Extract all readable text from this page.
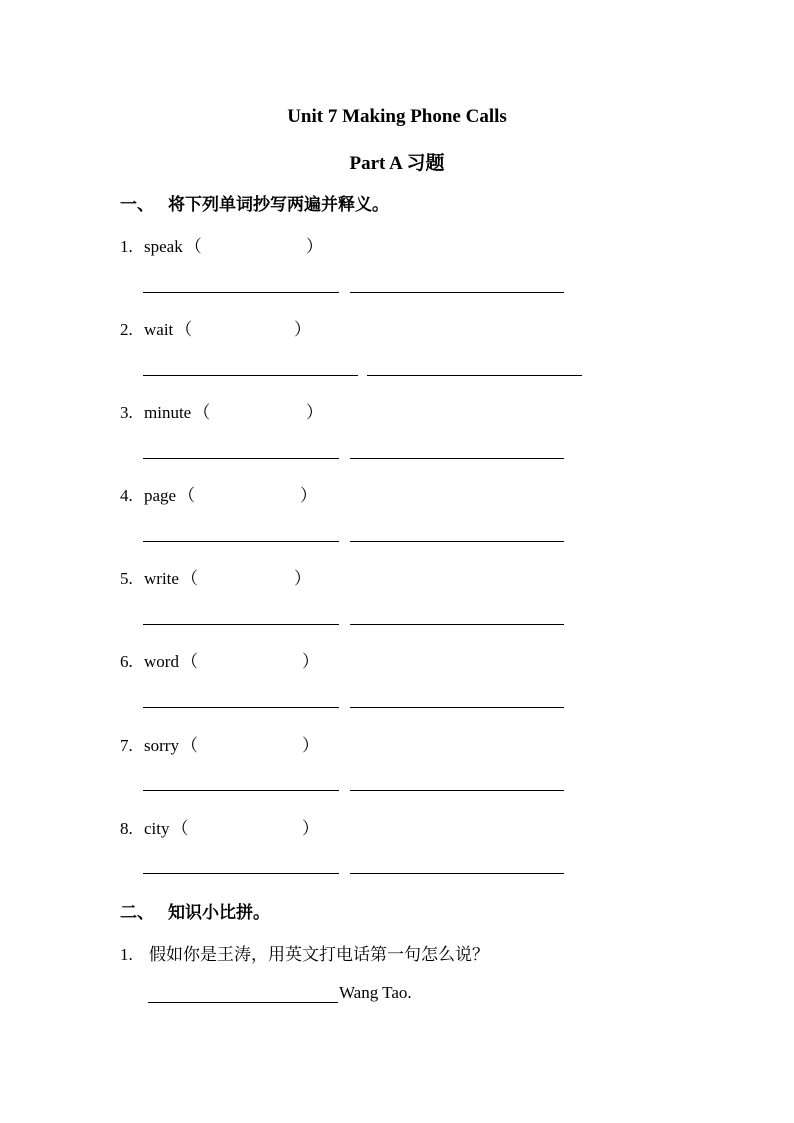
Unit 7 Making Phone Calls
Part A 习题
一、 将下列单词抄写两遍并释义。
1. speak （	）
2. wait （	）
3. minute （	）
4. page （	）
5. write （	）
6. word （	）
7. sorry （	）
8. city （	）
二、 知识小比拼。
1. 假如你是王涛，用英文打电话第一句怎么说？
Wang Tao.
